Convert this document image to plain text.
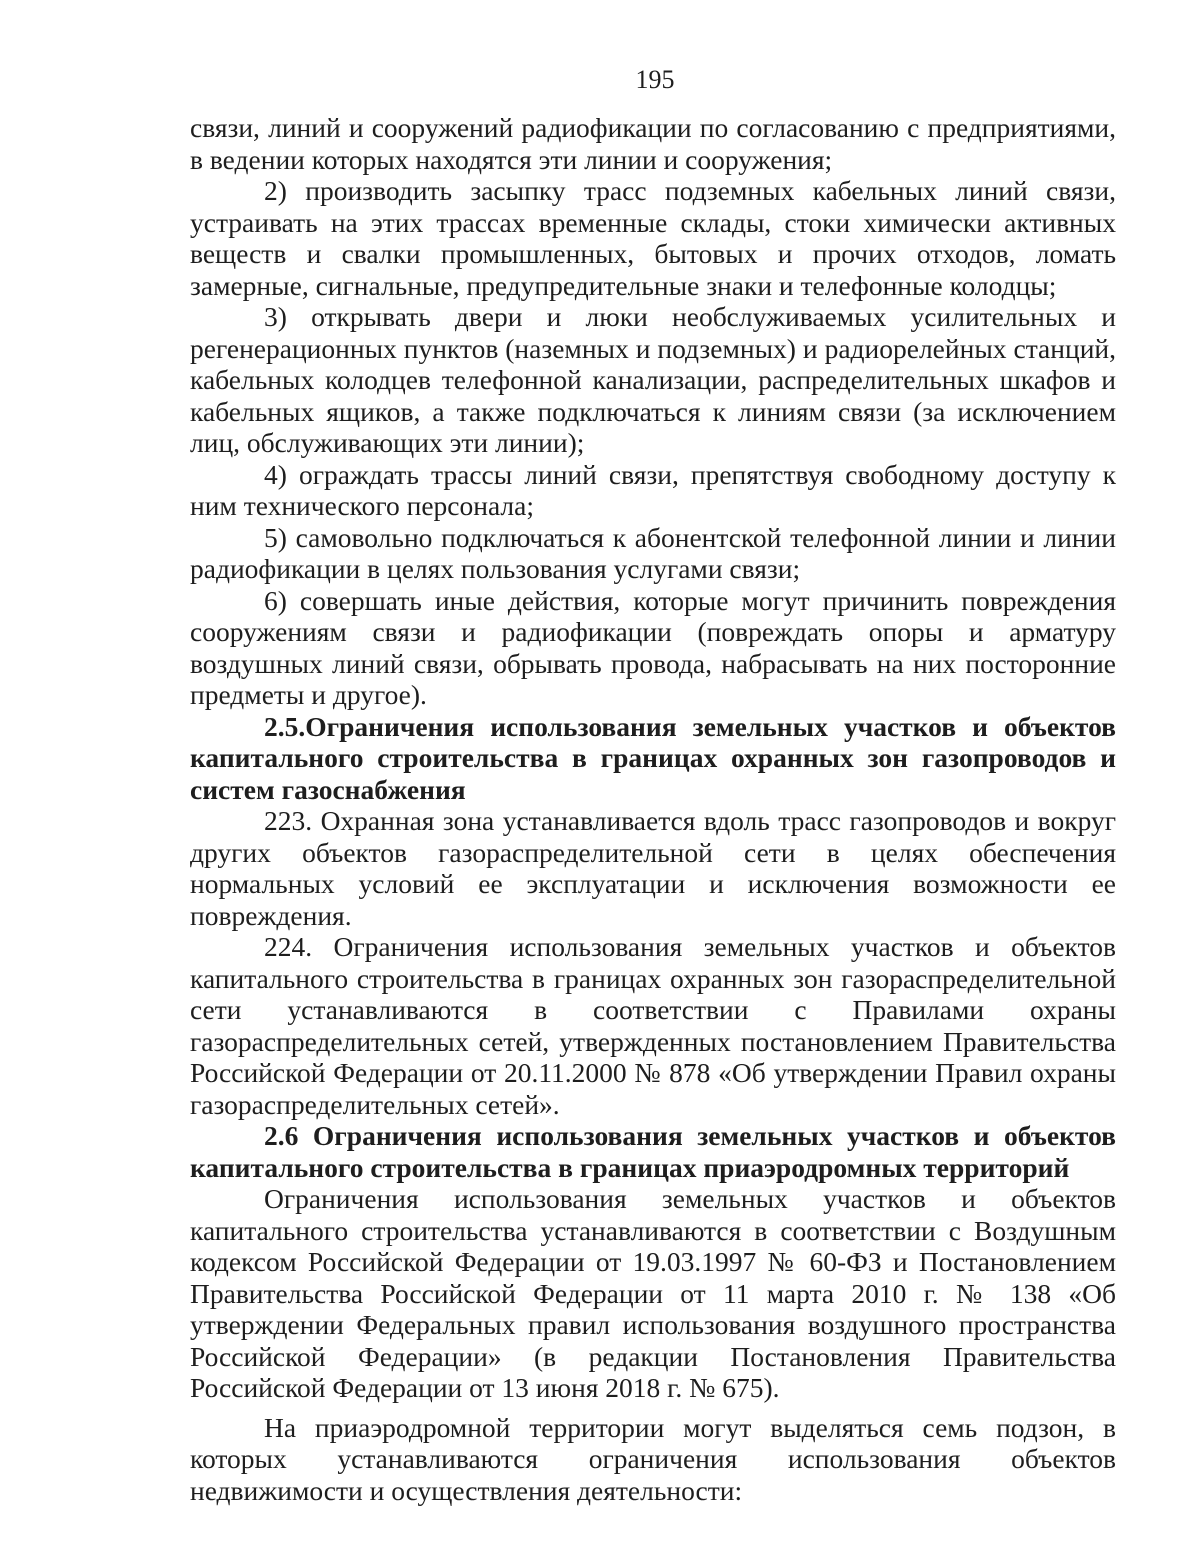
195

связи, линий и сооружений радиофикации по согласованию с предприятиями, в ведении которых находятся эти линии и сооружения;

2) производить засыпку трасс подземных кабельных линий связи, устраивать на этих трассах временные склады, стоки химически активных веществ и свалки промышленных, бытовых и прочих отходов, ломать замерные, сигнальные, предупредительные знаки и телефонные колодцы;

3) открывать двери и люки необслуживаемых усилительных и регенерационных пунктов (наземных и подземных) и радиорелейных станций, кабельных колодцев телефонной канализации, распределительных шкафов и кабельных ящиков, а также подключаться к линиям связи (за исключением лиц, обслуживающих эти линии);

4) ограждать трассы линий связи, препятствуя свободному доступу к ним технического персонала;

5) самовольно подключаться к абонентской телефонной линии и линии радиофикации в целях пользования услугами связи;

6) совершать иные действия, которые могут причинить повреждения сооружениям связи и радиофикации (повреждать опоры и арматуру воздушных линий связи, обрывать провода, набрасывать на них посторонние предметы и другое).

2.5.Ограничения использования земельных участков и объектов капитального строительства в границах охранных зон газопроводов и систем газоснабжения

223. Охранная зона устанавливается вдоль трасс газопроводов и вокруг других объектов газораспределительной сети в целях обеспечения нормальных условий ее эксплуатации и исключения возможности ее повреждения.

224. Ограничения использования земельных участков и объектов капитального строительства в границах охранных зон газораспределительной сети устанавливаются в соответствии с Правилами охраны газораспределительных сетей, утвержденных постановлением Правительства Российской Федерации от 20.11.2000 № 878 «Об утверждении Правил охраны газораспределительных сетей».

2.6 Ограничения использования земельных участков и объектов капитального строительства в границах приаэродромных территорий

Ограничения использования земельных участков и объектов капитального строительства устанавливаются в соответствии с Воздушным кодексом Российской Федерации от 19.03.1997 № 60-ФЗ и Постановлением Правительства Российской Федерации от 11 марта 2010 г. № 138 «Об утверждении Федеральных правил использования воздушного пространства Российской Федерации» (в редакции Постановления Правительства Российской Федерации от 13 июня 2018 г. № 675).

На приаэродромной территории могут выделяться семь подзон, в которых устанавливаются ограничения использования объектов недвижимости и осуществления деятельности:
